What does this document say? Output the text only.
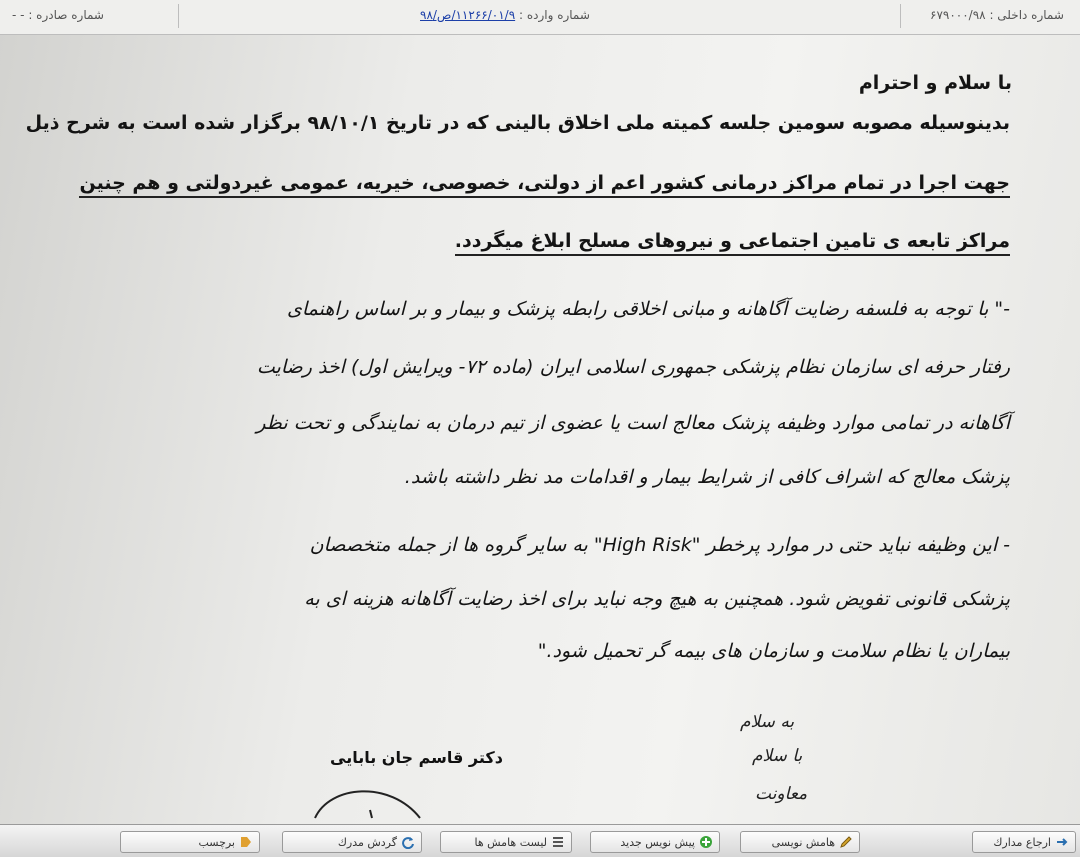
شماره صادره : - -	شماره وارده : ۱۱۲۶۶/۰۱/۹/ص/۹۸	شماره داخلی : ۶۷۹۰۰۰/۹۸
با سلام و احترام
بدینوسیله مصوبه سومین جلسه کمیته ملی اخلاق بالینی که در تاریخ ۹۸/۱۰/۱ برگزار شده است به شرح ذیل
جهت اجرا در تمام مراکز درمانی کشور اعم از دولتی، خصوصی، خیریه، عمومی غیردولتی و هم چنین
مراکز تابعه ی تامین اجتماعی و نیروهای مسلح ابلاغ میگردد.
-" با توجه به فلسفه رضایت آگاهانه و مبانی اخلاقی رابطه پزشک و بیمار و بر اساس راهنمای
رفتار حرفه ای سازمان نظام پزشکی جمهوری اسلامی ایران (ماده ۷۲- ویرایش اول) اخذ رضایت
آگاهانه در تمامی موارد وظیفه پزشک معالج است یا عضوی از تیم درمان به نمایندگی و تحت نظر
پزشک معالج که اشراف کافی از شرایط بیمار و اقدامات مد نظر داشته باشد.
- این وظیفه نباید حتی در موارد پرخطر "High Risk" به سایر گروه ها از جمله متخصصان
پزشکی قانونی تفویض شود. همچنین به هیچ وجه نباید برای اخذ رضایت آگاهانه هزینه ای به
بیماران یا نظام سلامت و سازمان های بیمه گر تحمیل شود."
دکتر قاسم جان بابایی
به سلام
با سلام
معاونت
ارجاع مدارك
هامش نويسی
پیش نویس جدید
لیست هامش ها
گردش مدرك
برچسب
